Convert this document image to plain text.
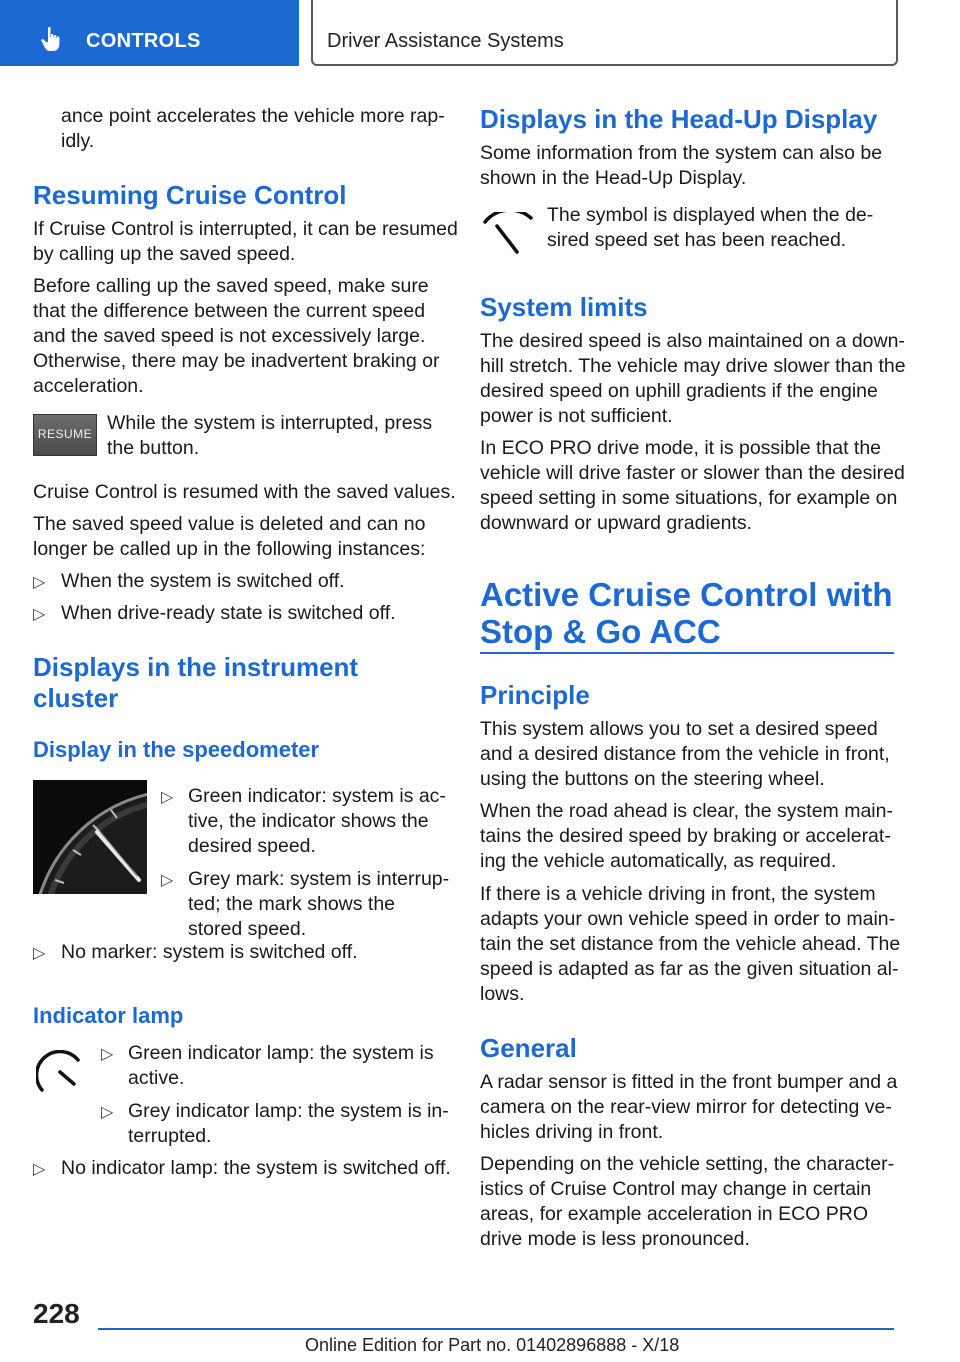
CONTROLS	Driver Assistance Systems
ance point accelerates the vehicle more rap‐
idly.
Resuming Cruise Control
If Cruise Control is interrupted, it can be resumed
by calling up the saved speed.
Before calling up the saved speed, make sure
that the difference between the current speed
and the saved speed is not excessively large.
Otherwise, there may be inadvertent braking or
acceleration.
RESUME While the system is interrupted, press
the button.
Cruise Control is resumed with the saved values.
The saved speed value is deleted and can no
longer be called up in the following instances:
▷ When the system is switched off.
▷ When drive-ready state is switched off.
Displays in the instrument
cluster
Display in the speedometer
▷ Green indicator: system is ac‐
tive, the indicator shows the
desired speed.
▷ Grey mark: system is interrup‐
ted; the mark shows the
stored speed.
▷ No marker: system is switched off.
Indicator lamp
▷ Green indicator lamp: the system is
active.
▷ Grey indicator lamp: the system is in‐
terrupted.
▷ No indicator lamp: the system is switched off.
Displays in the Head-Up Display
Some information from the system can also be
shown in the Head-Up Display.
The symbol is displayed when the de‐
sired speed set has been reached.
System limits
The desired speed is also maintained on a down‐
hill stretch. The vehicle may drive slower than the
desired speed on uphill gradients if the engine
power is not sufficient.
In ECO PRO drive mode, it is possible that the
vehicle will drive faster or slower than the desired
speed setting in some situations, for example on
downward or upward gradients.
Active Cruise Control with
Stop & Go ACC
Principle
This system allows you to set a desired speed
and a desired distance from the vehicle in front,
using the buttons on the steering wheel.
When the road ahead is clear, the system main‐
tains the desired speed by braking or accelerat‐
ing the vehicle automatically, as required.
If there is a vehicle driving in front, the system
adapts your own vehicle speed in order to main‐
tain the set distance from the vehicle ahead. The
speed is adapted as far as the given situation al‐
lows.
General
A radar sensor is fitted in the front bumper and a
camera on the rear-view mirror for detecting ve‐
hicles driving in front.
Depending on the vehicle setting, the character‐
istics of Cruise Control may change in certain
areas, for example acceleration in ECO PRO
drive mode is less pronounced.
228
Online Edition for Part no. 01402896888 - X/18
